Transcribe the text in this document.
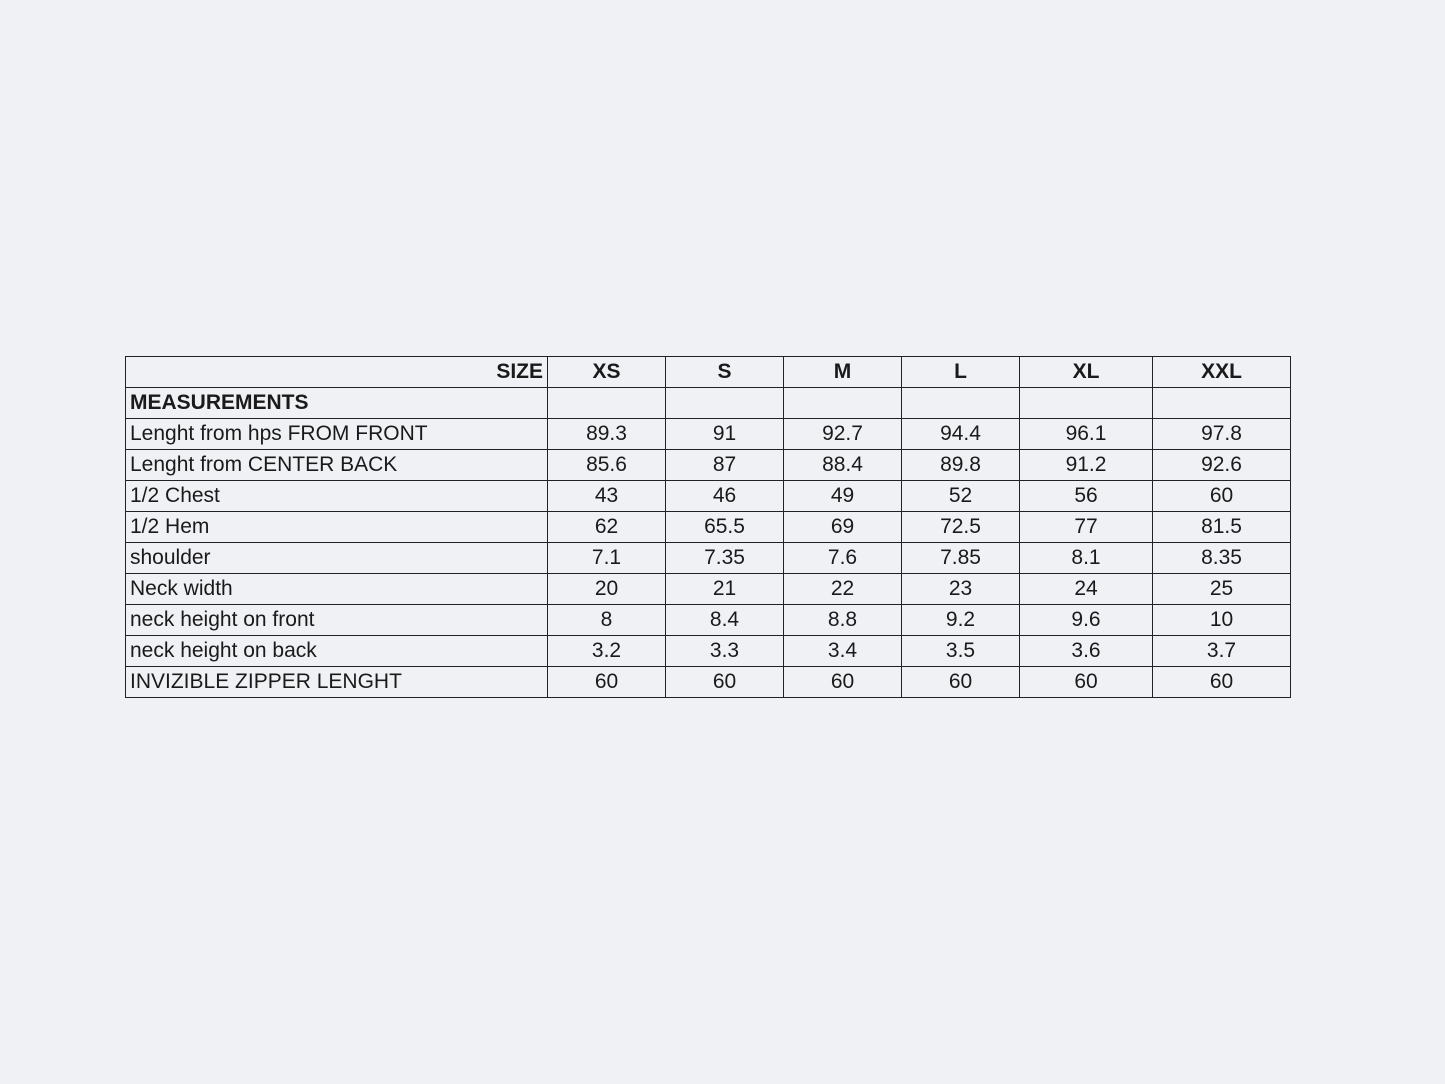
SIZE	XS	S	M	L	XL	XXL
MEASUREMENTS						
Lenght from hps FROM FRONT	89.3	91	92.7	94.4	96.1	97.8
Lenght from CENTER BACK	85.6	87	88.4	89.8	91.2	92.6
1/2 Chest	43	46	49	52	56	60
1/2 Hem	62	65.5	69	72.5	77	81.5
shoulder	7.1	7.35	7.6	7.85	8.1	8.35
Neck width	20	21	22	23	24	25
neck height on front	8	8.4	8.8	9.2	9.6	10
neck height on back	3.2	3.3	3.4	3.5	3.6	3.7
INVIZIBLE ZIPPER LENGHT	60	60	60	60	60	60
